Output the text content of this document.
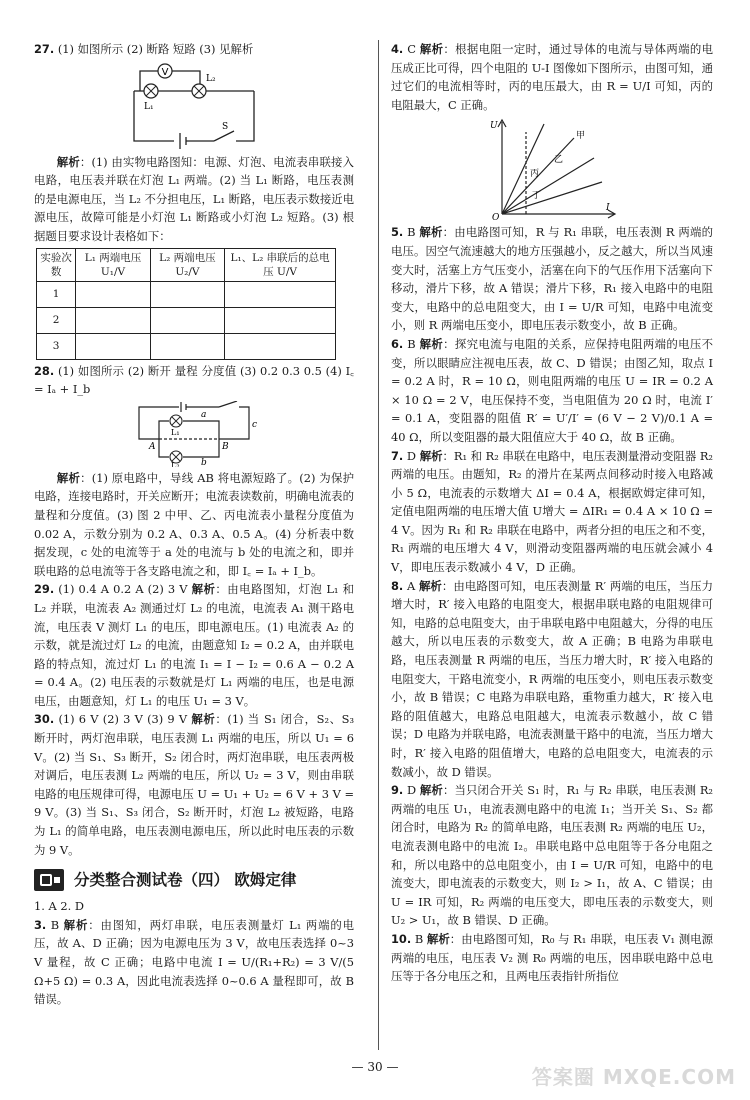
27. (1) 如图所示 (2) 断路 短路 (3) 见解析

V
L₁
L₂
S

解析：(1) 由实物电路图知：电源、灯泡、电流表串联接入电路，电压表并联在灯泡 L₁ 两端。(2) 当 L₁ 断路，电压表测的是电源电压，当 L₂ 不分担电压，L₁ 断路，电压表示数接近电源电压，故障可能是小灯泡 L₁ 断路或小灯泡 L₂ 短路。(3) 根据题目要求设计表格如下：

实验次数	L₁ 两端电压 U₁/V	L₂ 两端电压 U₂/V	L₁、L₂ 串联后的总电压 U/V
1			
2			
3			

28. (1) 如图所示 (2) 断开 量程 分度值 (3) 0.2 0.3 0.5 (4) I꜀ = Iₐ + I_b

a
b
c
A	B
L₁
L₂

解析：(1) 原电路中，导线 AB 将电源短路了。(2) 为保护电路，连接电路时，开关应断开；电流表读数前，明确电流表的量程和分度值。(3) 图 2 中甲、乙、丙电流表小量程分度值为 0.02 A，示数分别为 0.2 A、0.3 A、0.5 A。(4) 分析表中数据发现，c 处的电流等于 a 处的电流与 b 处的电流之和，即并联电路的总电流等于各支路电流之和，即 I꜀ = Iₐ + I_b。

29. (1) 0.4 A 0.2 A (2) 3 V 解析：由电路图知，灯泡 L₁ 和 L₂ 并联，电流表 A₂ 测通过灯 L₂ 的电流，电流表 A₁ 测干路电流，电压表 V 测灯 L₁ 的电压，即电源电压。(1) 电流表 A₂ 的示数，就是流过灯 L₂ 的电流，由题意知 I₂ = 0.2 A，由并联电路的特点知，流过灯 L₁ 的电流 I₁ = I − I₂ = 0.6 A − 0.2 A = 0.4 A。(2) 电压表的示数就是灯 L₁ 两端的电压，也是电源电压，由题意知，灯 L₁ 的电压 U₁ = 3 V。

30. (1) 6 V (2) 3 V (3) 9 V 解析：(1) 当 S₁ 闭合，S₂、S₃ 断开时，两灯泡串联，电压表测 L₁ 两端的电压，所以 U₁ = 6 V。(2) 当 S₁、S₃ 断开，S₂ 闭合时，两灯泡串联，电压表两极对调后，电压表测 L₂ 两端的电压，所以 U₂ = 3 V，则由串联电路的电压规律可得，电源电压 U = U₁ + U₂ = 6 V + 3 V = 9 V。(3) 当 S₁、S₃ 闭合，S₂ 断开时，灯泡 L₂ 被短路，电路为 L₁ 的简单电路，电压表测电源电压，所以此时电压表的示数为 9 V。

分类整合测试卷（四） 欧姆定律

1. A 2. D

3. B 解析：由图知，两灯串联，电压表测量灯 L₁ 两端的电压，故 A、D 正确；因为电源电压为 3 V，故电压表选择 0~3 V 量程，故 C 正确；电路中电流 I = U/(R₁+R₂) = 3 V/(5 Ω+5 Ω) = 0.3 A，因此电流表选择 0~0.6 A 量程即可，故 B 错误。

4. C 解析：根据电阻一定时，通过导体的电流与导体两端的电压成正比可得，四个电阻的 U-I 图像如下图所示，由图可知，通过它们的电流相等时，丙的电压最大，由 R = U/I 可知，丙的电阻最大，C 正确。

U
I
O
甲
乙
丙
丁

5. B 解析：由电路图可知，R 与 R₁ 串联，电压表测 R 两端的电压。因空气流速越大的地方压强越小，反之越大，所以当风速变大时，活塞上方气压变小，活塞在向下的气压作用下活塞向下移动，滑片下移，故 A 错误；滑片下移，R₁ 接入电路中的电阻变大，电路中的总电阻变大，由 I = U/R 可知，电路中电流变小，则 R 两端电压变小，即电压表示数变小，故 B 正确。

6. B 解析：探究电流与电阻的关系，应保持电阻两端的电压不变，所以眼睛应注视电压表，故 C、D 错误；由图乙知，取点 I = 0.2 A 时，R = 10 Ω，则电阻两端的电压 U = IR = 0.2 A × 10 Ω = 2 V，电压保持不变，当电阻值为 20 Ω 时，电流 I′ = 0.1 A，变阻器的阻值 R′ = U′/I′ = (6 V − 2 V)/0.1 A = 40 Ω，所以变阻器的最大阻值应大于 40 Ω，故 B 正确。

7. D 解析：R₁ 和 R₂ 串联在电路中，电压表测量滑动变阻器 R₂ 两端的电压。由题知，R₂ 的滑片在某两点间移动时接入电路减小 5 Ω，电流表的示数增大 ΔI = 0.4 A，根据欧姆定律可知，定值电阻两端的电压增大值 U增大 = ΔIR₁ = 0.4 A × 10 Ω = 4 V。因为 R₁ 和 R₂ 串联在电路中，两者分担的电压之和不变，R₁ 两端的电压增大 4 V，则滑动变阻器两端的电压就会减小 4 V，即电压表示数减小 4 V，D 正确。

8. A 解析：由电路图可知，电压表测量 R′ 两端的电压，当压力增大时，R′ 接入电路的电阻变大，根据串联电路的电阻规律可知，电路的总电阻变大，由于串联电路中电阻越大，分得的电压越大，所以电压表的示数变大，故 A 正确；B 电路为串联电路，电压表测量 R 两端的电压，当压力增大时，R′ 接入电路的电阻变大，干路电流变小，R 两端的电压变小，则电压表示数变小，故 B 错误；C 电路为串联电路，重物重力越大，R′ 接入电路的阻值越大，电路总电阻越大，电流表示数越小，故 C 错误；D 电路为并联电路，电流表测量干路中的电流，当压力增大时，R′ 接入电路的阻值增大，电路的总电阻变大，电流表的示数减小，故 D 错误。

9. D 解析：当只闭合开关 S₁ 时，R₁ 与 R₂ 串联，电压表测 R₂ 两端的电压 U₁，电流表测电路中的电流 I₁；当开关 S₁、S₂ 都闭合时，电路为 R₂ 的简单电路，电压表测 R₂ 两端的电压 U₂，电流表测电路中的电流 I₂。串联电路中总电阻等于各分电阻之和，所以电路中的总电阻变小，由 I = U/R 可知，电路中的电流变大，即电流表的示数变大，则 I₂ > I₁，故 A、C 错误；由 U = IR 可知，R₂ 两端的电压变大，即电压表的示数变大，则 U₂ > U₁，故 B 错误、D 正确。

10. B 解析：由电路图可知，R₀ 与 R₁ 串联，电压表 V₁ 测电源两端的电压，电压表 V₂ 测 R₀ 两端的电压，因串联电路中总电压等于各分电压之和，且两电压表指针所指位

— 30 —	答案圈 MXQE.COM
